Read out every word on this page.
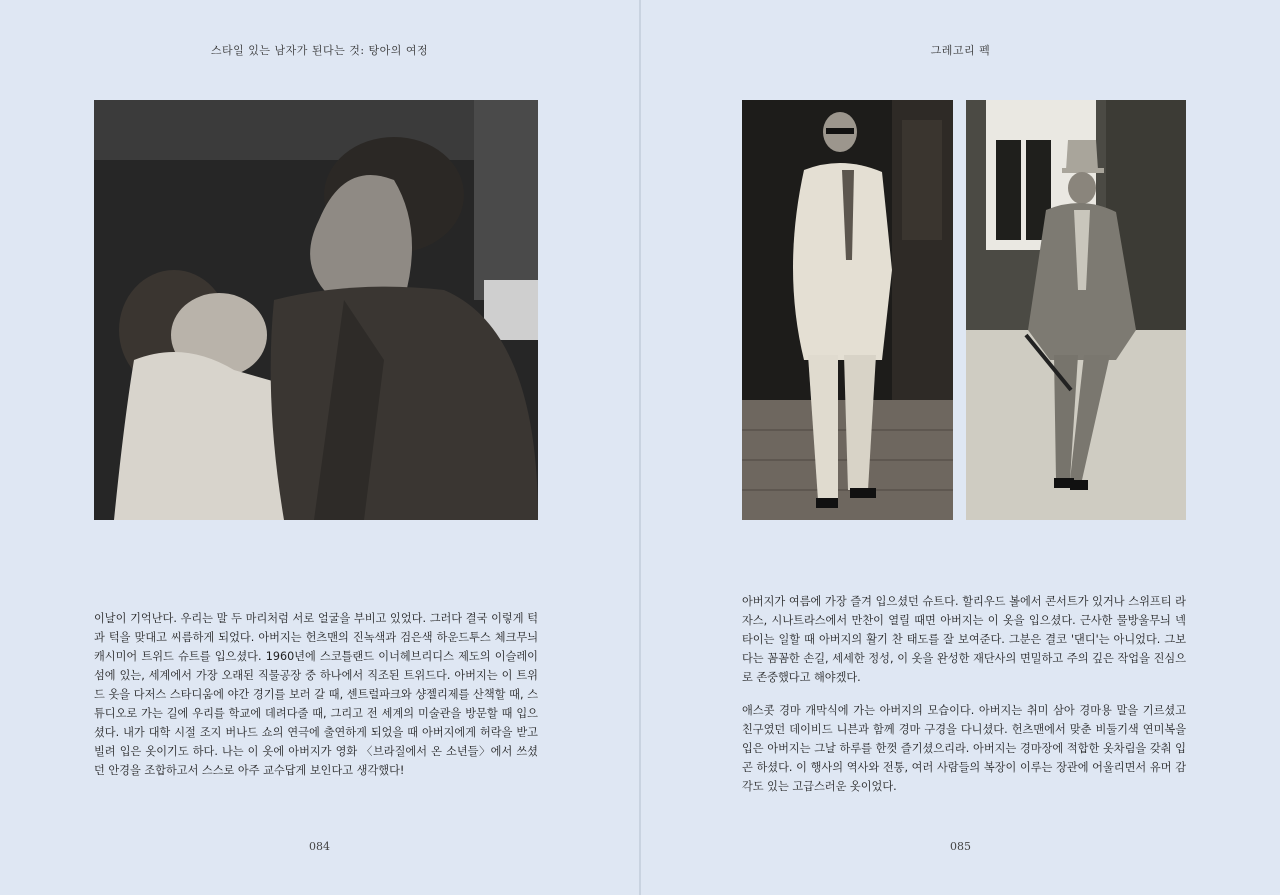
스타일 있는 남자가 된다는 것: 탕아의 여정
084
그레고리 펙
085

이날이 기억난다. 우리는 말 두 마리처럼 서로 얼굴을 부비고 있었다. 그러다 결국 이렇게 턱과 턱을 맞대고 씨름하게 되었다. 아버지는 헌츠맨의 진녹색과 검은색 하운드투스 체크무늬 캐시미어 트위드 슈트를 입으셨다. 1960년에 스코틀랜드 이너헤브리디스 제도의 이슬레이 섬에 있는, 세계에서 가장 오래된 직물공장 중 하나에서 직조된 트위드다. 아버지는 이 트위드 옷을 다저스 스타디움에 야간 경기를 보러 갈 때, 센트럴파크와 샹젤리제를 산책할 때, 스튜디오로 가는 길에 우리를 학교에 데려다줄 때, 그리고 전 세계의 미술관을 방문할 때 입으셨다. 내가 대학 시절 조지 버나드 쇼의 연극에 출연하게 되었을 때 아버지에게 허락을 받고 빌려 입은 옷이기도 하다. 나는 이 옷에 아버지가 영화 〈브라질에서 온 소년들〉에서 쓰셨던 안경을 조합하고서 스스로 아주 교수답게 보인다고 생각했다!

아버지가 여름에 가장 즐겨 입으셨던 슈트다. 할리우드 볼에서 콘서트가 있거나 스위프티 라자스, 시나트라스에서 만찬이 열릴 때면 아버지는 이 옷을 입으셨다. 근사한 물방울무늬 넥타이는 일할 때 아버지의 활기 찬 태도를 잘 보여준다. 그분은 결코 '댄디'는 아니었다. 그보다는 꼼꼼한 손길, 세세한 정성, 이 옷을 완성한 재단사의 면밀하고 주의 깊은 작업을 진심으로 존중했다고 해야겠다.

애스콧 경마 개막식에 가는 아버지의 모습이다. 아버지는 취미 삼아 경마용 말을 기르셨고 친구였던 데이비드 니븐과 함께 경마 구경을 다니셨다. 헌츠맨에서 맞춘 비둘기색 연미복을 입은 아버지는 그날 하루를 한껏 즐기셨으리라. 아버지는 경마장에 적합한 옷차림을 갖춰 입곤 하셨다. 이 행사의 역사와 전통, 여러 사람들의 복장이 이루는 장관에 어울리면서 유머 감각도 있는 고급스러운 옷이었다.
